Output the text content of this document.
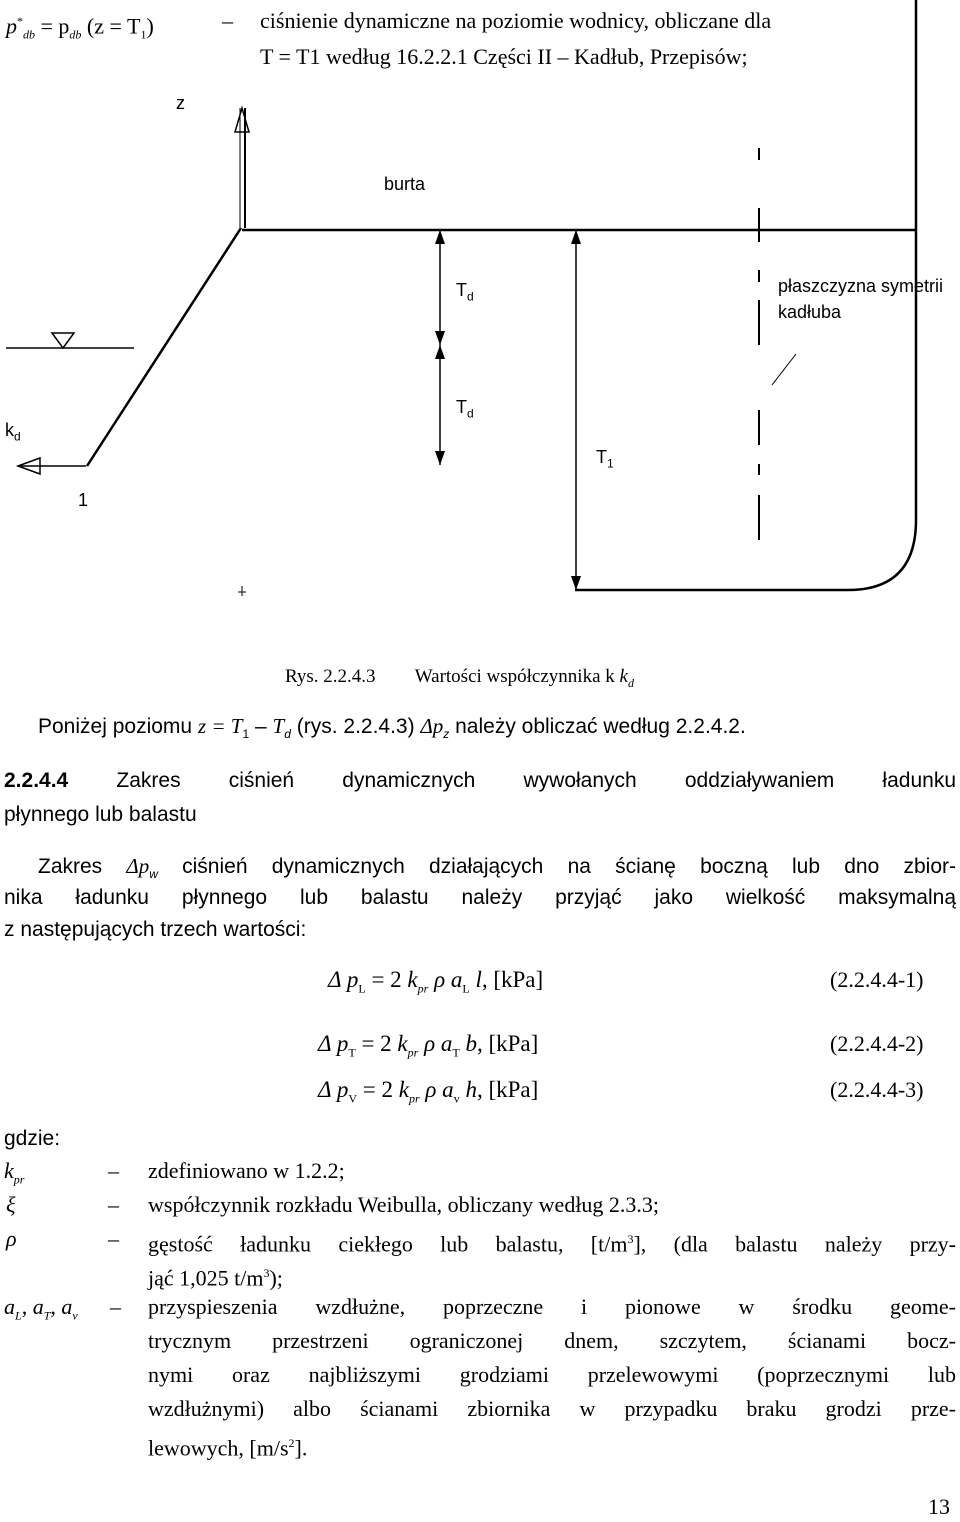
$p^*_{db} = p_{db}$ $(z = T_1)$	– ciśnienie dynamiczne na poziomie wodnicy, obliczane dla
T = T1 według 16.2.2.1 Części II – Kadłub, Przepisów;
z
burta
$T_d$
$T_d$
$T_1$
płaszczyzna symetrii
kadłuba
$k_d$
1
Rys. 2.2.4.3 Wartości współczynnika k $k_d$
Poniżej poziomu $z = T_1 - T_d$ (rys. 2.2.4.3) $\Delta p_z$ należy obliczać według 2.2.4.2.
2.2.4.4 Zakres ciśnień dynamicznych wywołanych oddziaływaniem ładunku
płynnego lub balastu
Zakres $\Delta p_w$ ciśnień dynamicznych działających na ścianę boczną lub dno zbior-
nika ładunku płynnego lub balastu należy przyjąć jako wielkość maksymalną
z następujących trzech wartości:
Δ $p_L = 2$ $k_{pr}$ ρ $a_L$ l, [kPa]	(2.2.4.4-1)
Δ $p_T = 2$ $k_{pr}$ ρ $a_T$ b, [kPa]	(2.2.4.4-2)
Δ $p_V = 2$ $k_{pr}$ ρ $a_v$ h, [kPa]	(2.2.4.4-3)
gdzie:
$k_{pr}$	– zdefiniowano w 1.2.2;
ξ	– współczynnik rozkładu Weibulla, obliczany według 2.3.3;
ρ	– gęstość ładunku ciekłego lub balastu, $[t/m^3]$, (dla balastu należy przy-
jąć 1,025 $t/m^3$);
$a_L$, $a_T$, $a_v$ – przyspieszenia wzdłużne, poprzeczne i pionowe w środku geome-
trycznym przestrzeni ograniczonej dnem, szczytem, ścianami bocz-
nymi oraz najbliższymi grodziami przelewowymi (poprzecznymi lub
wzdłużnymi) albo ścianami zbiornika w przypadku braku grodzi prze-
lewowych, $[m/s^2]$.
13
